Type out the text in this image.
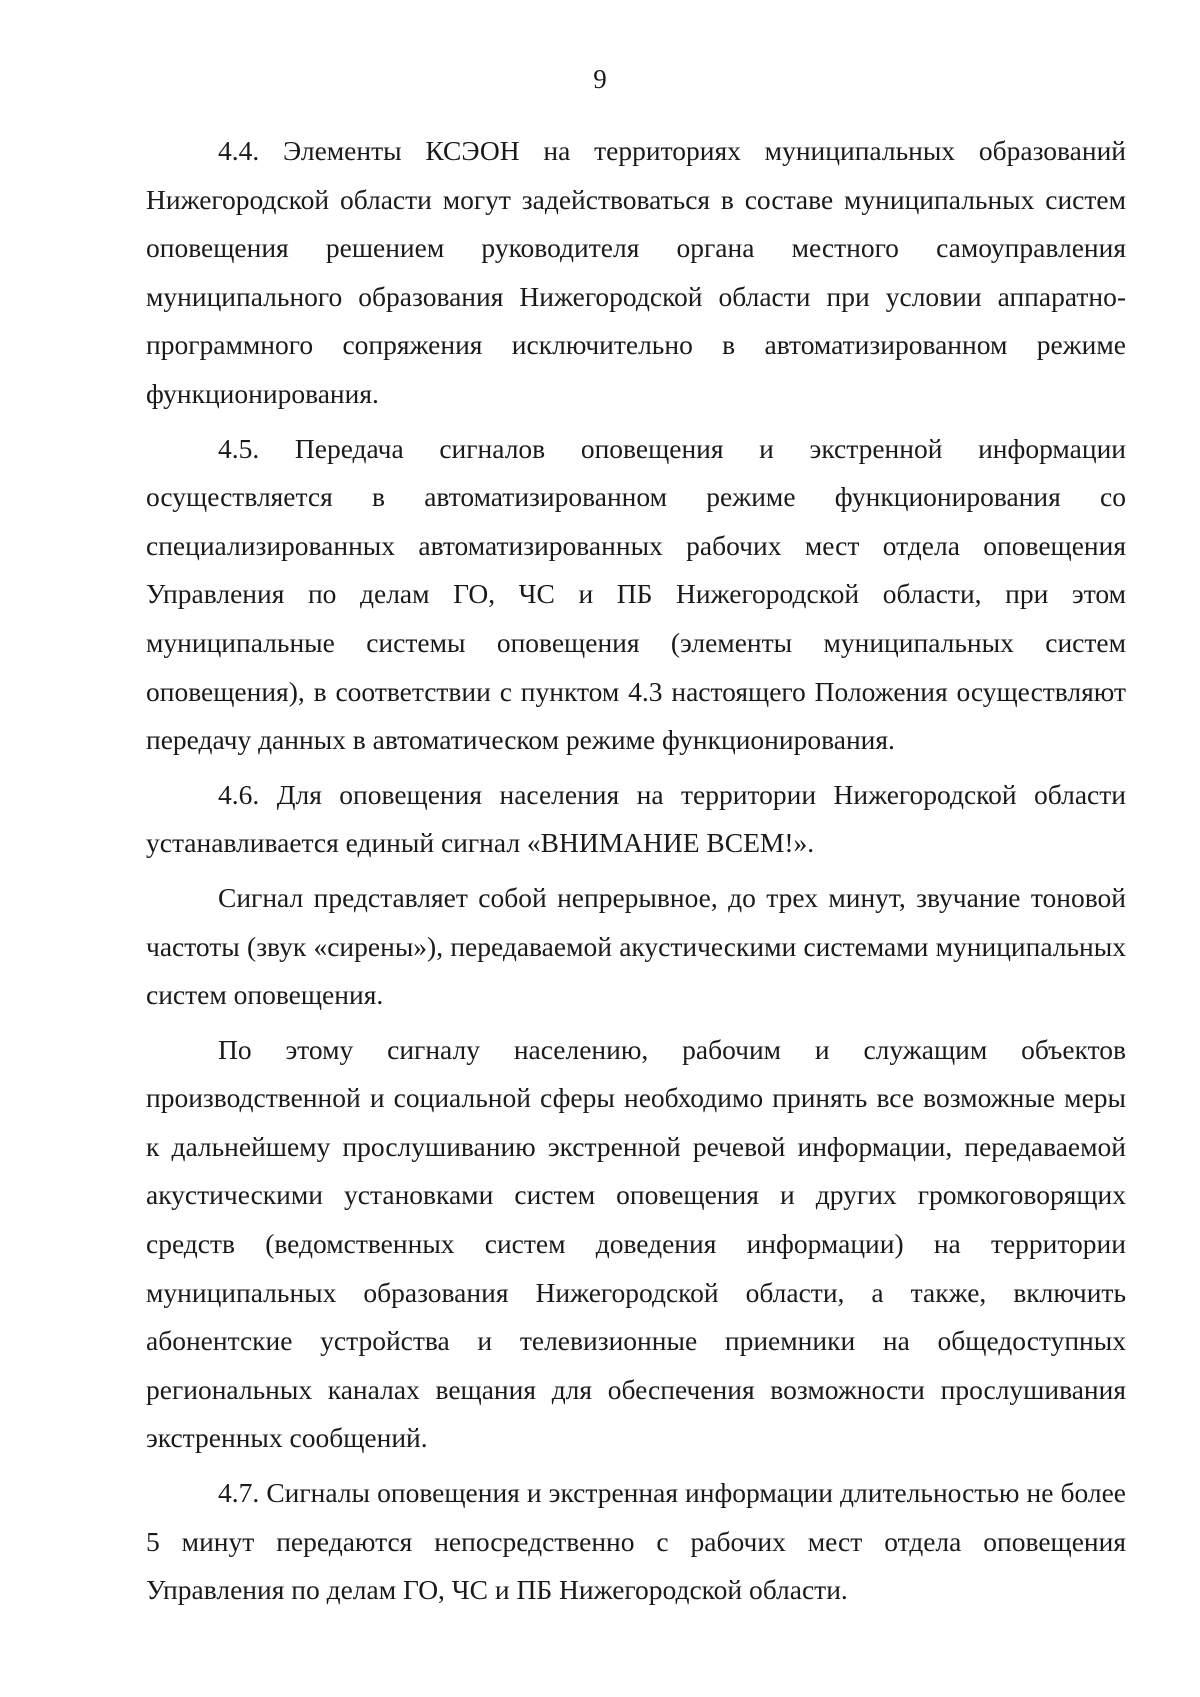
9

4.4. Элементы КСЭОН на территориях муниципальных образований Нижегородской области могут задействоваться в составе муниципальных систем оповещения решением руководителя органа местного самоуправления муниципального образования Нижегородской области при условии аппаратно-программного сопряжения исключительно в автоматизированном режиме функционирования.

4.5. Передача сигналов оповещения и экстренной информации осуществляется в автоматизированном режиме функционирования со специализированных автоматизированных рабочих мест отдела оповещения Управления по делам ГО, ЧС и ПБ Нижегородской области, при этом муниципальные системы оповещения (элементы муниципальных систем оповещения), в соответствии с пунктом 4.3 настоящего Положения осуществляют передачу данных в автоматическом режиме функционирования.

4.6. Для оповещения населения на территории Нижегородской области устанавливается единый сигнал «ВНИМАНИЕ ВСЕМ!».

Сигнал представляет собой непрерывное, до трех минут, звучание тоновой частоты (звук «сирены»), передаваемой акустическими системами муниципальных систем оповещения.

По этому сигналу населению, рабочим и служащим объектов производственной и социальной сферы необходимо принять все возможные меры к дальнейшему прослушиванию экстренной речевой информации, передаваемой акустическими установками систем оповещения и других громкоговорящих средств (ведомственных систем доведения информации) на территории муниципальных образования Нижегородской области, а также, включить абонентские устройства и телевизионные приемники на общедоступных региональных каналах вещания для обеспечения возможности прослушивания экстренных сообщений.

4.7. Сигналы оповещения и экстренная информации длительностью не более 5 минут передаются непосредственно с рабочих мест отдела оповещения Управления по делам ГО, ЧС и ПБ Нижегородской области.
